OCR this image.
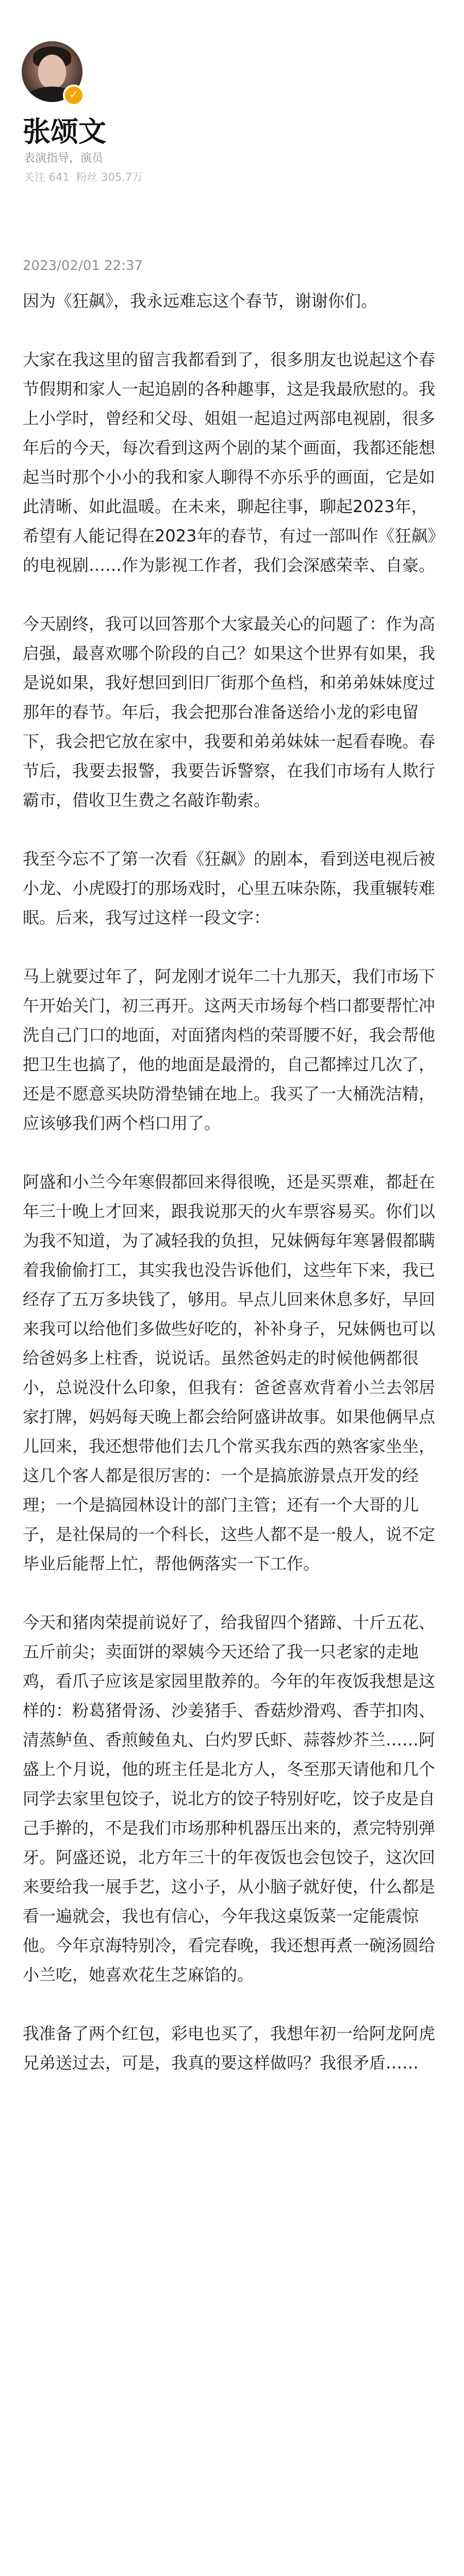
✓
张颂文
表演指导，演员
关注 641 粉丝 305.7万
2023/02/01 22:37

因为《狂飙》，我永远难忘这个春节，谢谢你们。

大家在我这里的留言我都看到了，很多朋友也说起这个春节假期和家人一起追剧的各种趣事，这是我最欣慰的。我上小学时，曾经和父母、姐姐一起追过两部电视剧，很多年后的今天，每次看到这两个剧的某个画面，我都还能想起当时那个小小的我和家人聊得不亦乐乎的画面，它是如此清晰、如此温暖。在未来，聊起往事，聊起2023年，希望有人能记得在2023年的春节，有过一部叫作《狂飙》的电视剧……作为影视工作者，我们会深感荣幸、自豪。

今天剧终，我可以回答那个大家最关心的问题了：作为高启强，最喜欢哪个阶段的自己？如果这个世界有如果，我是说如果，我好想回到旧厂街那个鱼档，和弟弟妹妹度过那年的春节。年后，我会把那台准备送给小龙的彩电留下，我会把它放在家中，我要和弟弟妹妹一起看春晚。春节后，我要去报警，我要告诉警察，在我们市场有人欺行霸市，借收卫生费之名敲诈勒索。

我至今忘不了第一次看《狂飙》的剧本，看到送电视后被小龙、小虎殴打的那场戏时，心里五味杂陈，我重辗转难眠。后来，我写过这样一段文字：

马上就要过年了，阿龙刚才说年二十九那天，我们市场下午开始关门，初三再开。这两天市场每个档口都要帮忙冲洗自己门口的地面，对面猪肉档的荣哥腰不好，我会帮他把卫生也搞了，他的地面是最滑的，自己都摔过几次了，还是不愿意买块防滑垫铺在地上。我买了一大桶洗洁精，应该够我们两个档口用了。

阿盛和小兰今年寒假都回来得很晚，还是买票难，都赶在年三十晚上才回来，跟我说那天的火车票容易买。你们以为我不知道，为了减轻我的负担，兄妹俩每年寒暑假都瞒着我偷偷打工，其实我也没告诉他们，这些年下来，我已经存了五万多块钱了，够用。早点儿回来休息多好，早回来我可以给他们多做些好吃的，补补身子，兄妹俩也可以给爸妈多上柱香，说说话。虽然爸妈走的时候他俩都很小，总说没什么印象，但我有：爸爸喜欢背着小兰去邻居家打牌，妈妈每天晚上都会给阿盛讲故事。如果他俩早点儿回来，我还想带他们去几个常买我东西的熟客家坐坐，这几个客人都是很厉害的：一个是搞旅游景点开发的经理；一个是搞园林设计的部门主管；还有一个大哥的儿子，是社保局的一个科长，这些人都不是一般人，说不定毕业后能帮上忙，帮他俩落实一下工作。

今天和猪肉荣提前说好了，给我留四个猪蹄、十斤五花、五斤前尖；卖面饼的翠姨今天还给了我一只老家的走地鸡，看爪子应该是家园里散养的。今年的年夜饭我想是这样的：粉葛猪骨汤、沙姜猪手、香菇炒滑鸡、香芋扣肉、清蒸鲈鱼、香煎鲮鱼丸、白灼罗氏虾、蒜蓉炒芥兰……阿盛上个月说，他的班主任是北方人，冬至那天请他和几个同学去家里包饺子，说北方的饺子特别好吃，饺子皮是自己手擀的，不是我们市场那种机器压出来的，煮完特别弹牙。阿盛还说，北方年三十的年夜饭也会包饺子，这次回来要给我一展手艺，这小子，从小脑子就好使，什么都是看一遍就会，我也有信心，今年我这桌饭菜一定能震惊他。今年京海特别冷，看完春晚，我还想再煮一碗汤圆给小兰吃，她喜欢花生芝麻馅的。

我准备了两个红包，彩电也买了，我想年初一给阿龙阿虎兄弟送过去，可是，我真的要这样做吗？我很矛盾……
